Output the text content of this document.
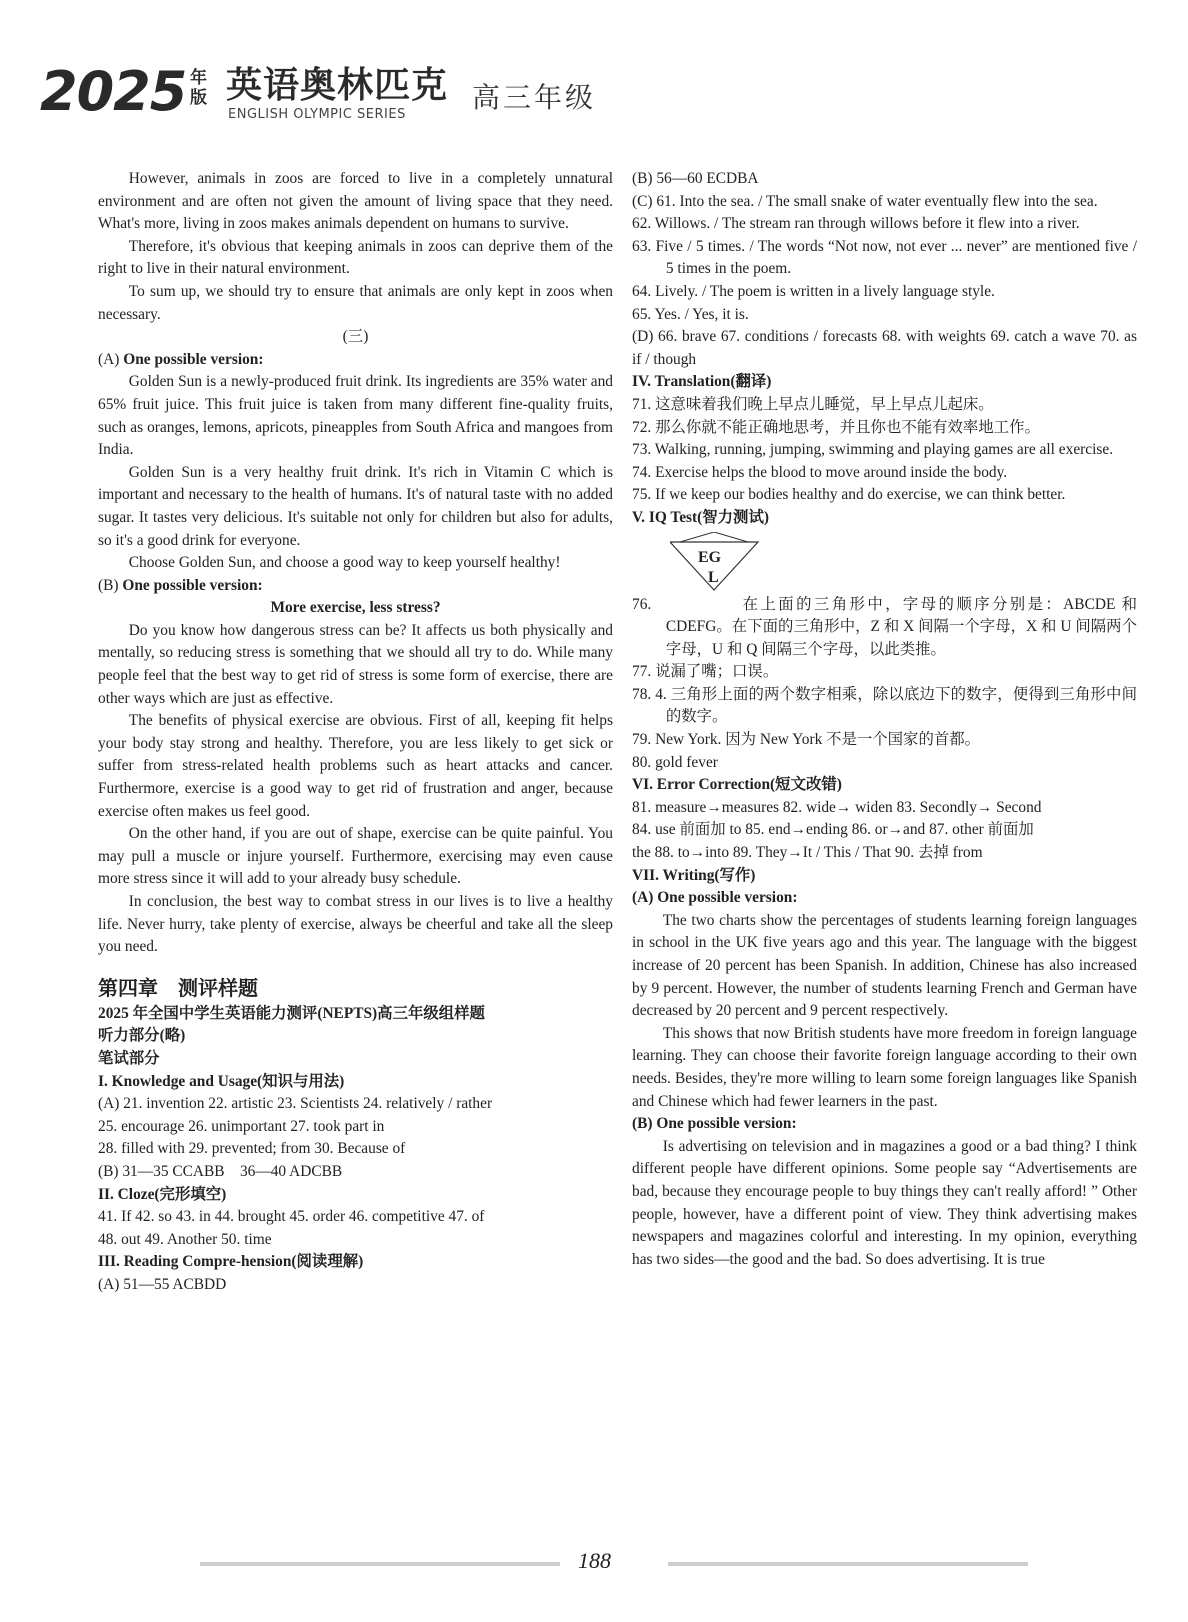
2025 年版 英语奥林匹克
ENGLISH OLYMPIC SERIES
高三年级

However, animals in zoos are forced to live in a completely unnatural environment and are often not given the amount of living space that they need. What's more, living in zoos makes animals dependent on humans to survive.

Therefore, it's obvious that keeping animals in zoos can deprive them of the right to live in their natural environment.

To sum up, we should try to ensure that animals are only kept in zoos when necessary.

(三)

(A) One possible version:

Golden Sun is a newly-produced fruit drink. Its ingredients are 35% water and 65% fruit juice. This fruit juice is taken from many different fine-quality fruits, such as oranges, lemons, apricots, pineapples from South Africa and mangoes from India.

Golden Sun is a very healthy fruit drink. It's rich in Vitamin C which is important and necessary to the health of humans. It's of natural taste with no added sugar. It tastes very delicious. It's suitable not only for children but also for adults, so it's a good drink for everyone.

Choose Golden Sun, and choose a good way to keep yourself healthy!

(B) One possible version:

More exercise, less stress?

Do you know how dangerous stress can be? It affects us both physically and mentally, so reducing stress is something that we should all try to do. While many people feel that the best way to get rid of stress is some form of exercise, there are other ways which are just as effective.

The benefits of physical exercise are obvious. First of all, keeping fit helps your body stay strong and healthy. Therefore, you are less likely to get sick or suffer from stress-related health problems such as heart attacks and cancer. Furthermore, exercise is a good way to get rid of frustration and anger, because exercise often makes us feel good.

On the other hand, if you are out of shape, exercise can be quite painful. You may pull a muscle or injure yourself. Furthermore, exercising may even cause more stress since it will add to your already busy schedule.

In conclusion, the best way to combat stress in our lives is to live a healthy life. Never hurry, take plenty of exercise, always be cheerful and take all the sleep you need.

第四章　测评样题

2025 年全国中学生英语能力测评(NEPTS)高三年级组样题

听力部分(略)

笔试部分

I. Knowledge and Usage(知识与用法)

(A) 21. invention 22. artistic 23. Scientists 24. relatively / rather

25. encourage 26. unimportant 27. took part in

28. filled with 29. prevented; from 30. Because of

(B) 31—35 CCABB　36—40 ADCBB

II. Cloze(完形填空)

41. If 42. so 43. in 44. brought 45. order 46. competitive 47. of

48. out 49. Another 50. time

III. Reading Compre-hension(阅读理解)

(A) 51—55 ACBDD

(B) 56—60 ECDBA

(C) 61. Into the sea. / The small snake of water eventually flew into the sea.

62. Willows. / The stream ran through willows before it flew into a river.

63. Five / 5 times. / The words “Not now, not ever ... never” are mentioned five / 5 times in the poem.

64. Lively. / The poem is written in a lively language style.

65. Yes. / Yes, it is.

(D) 66. brave 67. conditions / forecasts 68. with weights 69. catch a wave 70. as if / though

IV. Translation(翻译)

71. 这意味着我们晚上早点儿睡觉，早上早点儿起床。

72. 那么你就不能正确地思考，并且你也不能有效率地工作。

73. Walking, running, jumping, swimming and playing games are all exercise.

74. Exercise helps the blood to move around inside the body.

75. If we keep our bodies healthy and do exercise, we can think better.

V. IQ Test(智力测试)

EG
L

76.　　　　　在上面的三角形中，字母的顺序分别是：ABCDE 和 CDEFG。在下面的三角形中，Z 和 X 间隔一个字母，X 和 U 间隔两个字母，U 和 Q 间隔三个字母，以此类推。

77. 说漏了嘴；口误。

78. 4. 三角形上面的两个数字相乘，除以底边下的数字，便得到三角形中间的数字。

79. New York. 因为 New York 不是一个国家的首都。

80. gold fever

VI. Error Correction(短文改错)

81. measure→measures 82. wide→ widen 83. Secondly→ Second

84. use 前面加 to 85. end→ending 86. or→and 87. other 前面加

the 88. to→into 89. They→It / This / That 90. 去掉 from

VII. Writing(写作)

(A) One possible version:

The two charts show the percentages of students learning foreign languages in school in the UK five years ago and this year. The language with the biggest increase of 20 percent has been Spanish. In addition, Chinese has also increased by 9 percent. However, the number of students learning French and German have decreased by 20 percent and 9 percent respectively.

This shows that now British students have more freedom in foreign language learning. They can choose their favorite foreign language according to their own needs. Besides, they're more willing to learn some foreign languages like Spanish and Chinese which had fewer learners in the past.

(B) One possible version:

Is advertising on television and in magazines a good or a bad thing? I think different people have different opinions. Some people say “Advertisements are bad, because they encourage people to buy things they can't really afford! ” Other people, however, have a different point of view. They think advertising makes newspapers and magazines colorful and interesting. In my opinion, everything has two sides—the good and the bad. So does advertising. It is true

188
